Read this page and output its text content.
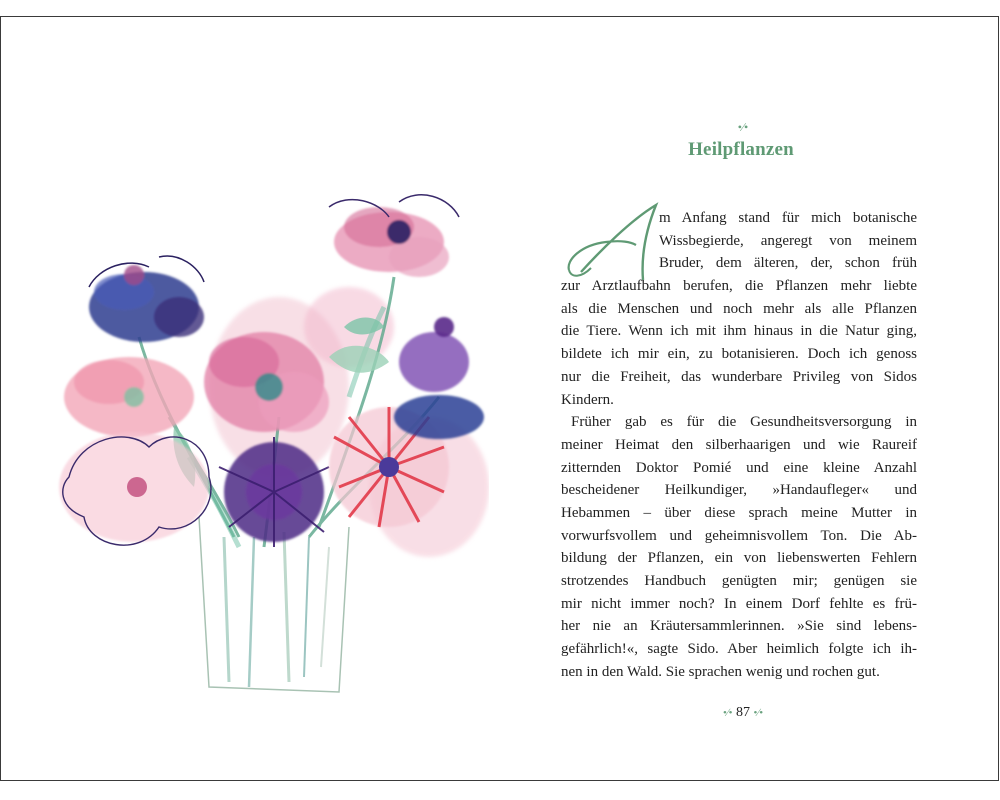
•∕•
Heilpflanzen
m Anfang stand für mich botanische
Wissbegierde, angeregt von meinem
Bruder, dem älteren, der, schon früh
zur Arztlaufbahn berufen, die Pflanzen mehr liebte
als die Menschen und noch mehr als alle Pflanzen
die Tiere. Wenn ich mit ihm hinaus in die Natur ging,
bildete ich mir ein, zu botanisieren. Doch ich genoss
nur die Freiheit, das wunderbare Privileg von Sidos
Kindern.
Früher gab es für die Gesundheitsversorgung in
meiner Heimat den silberhaarigen und wie Raureif
zitternden Doktor Pomié und eine kleine Anzahl
bescheidener Heilkundiger, »Handaufleger« und
Hebammen – über diese sprach meine Mutter in
vorwurfsvollem und geheimnisvollem Ton. Die Ab-
bildung der Pflanzen, ein von liebenswerten Fehlern
strotzendes Handbuch genügten mir; genügen sie
mir nicht immer noch? In einem Dorf fehlte es frü-
her nie an Kräutersammlerinnen. »Sie sind lebens-
gefährlich!«, sagte Sido. Aber heimlich folgte ich ih-
nen in den Wald. Sie sprachen wenig und rochen gut.
•∕• 87 •∕•
